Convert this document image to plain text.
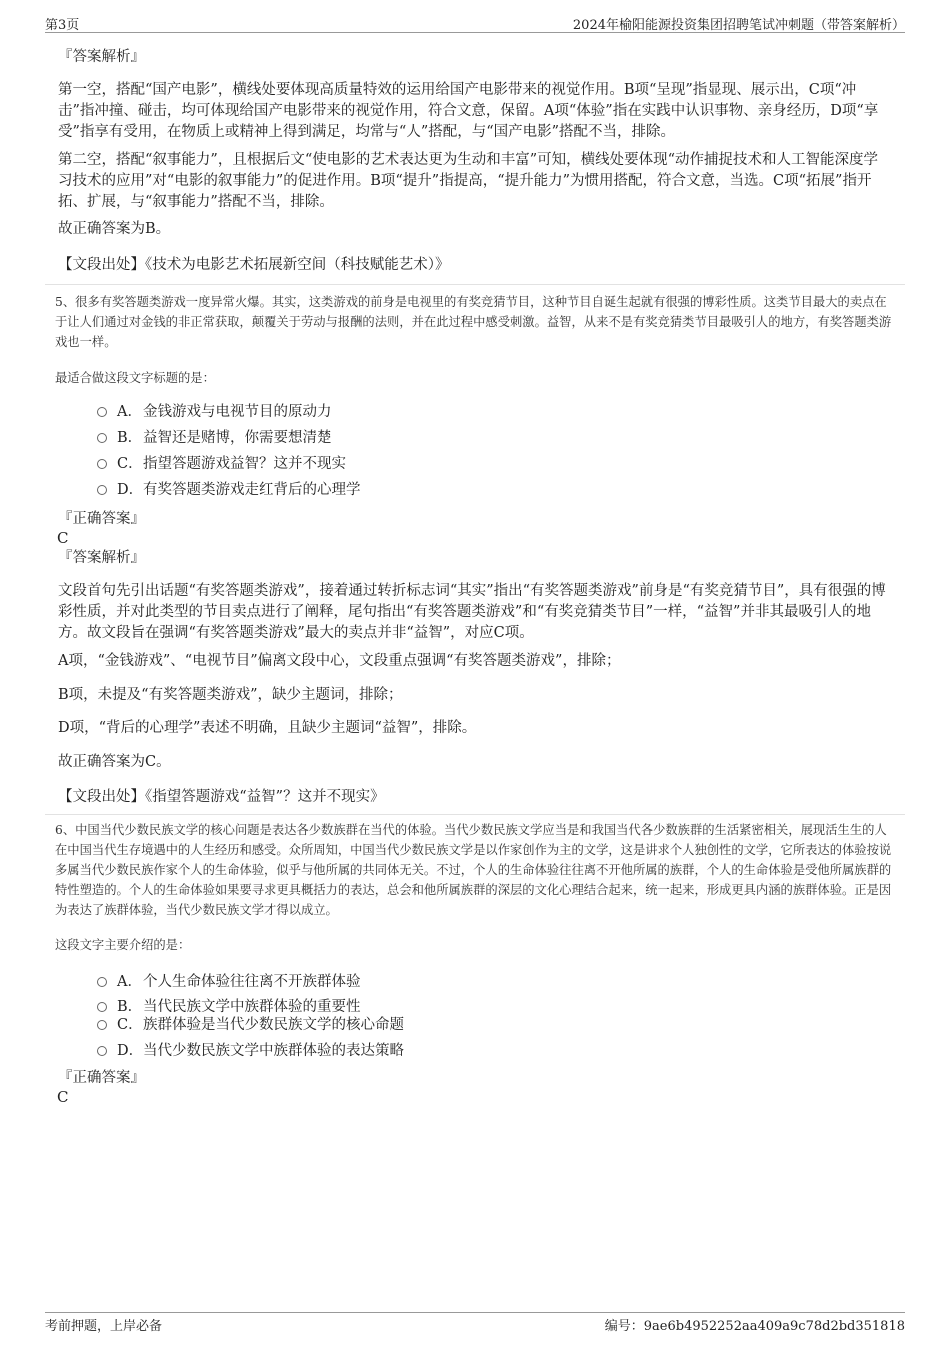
第3页	2024年榆阳能源投资集团招聘笔试冲刺题（带答案解析）
『答案解析』
第一空，搭配“国产电影”，横线处要体现高质量特效的运用给国产电影带来的视觉作用。B项“呈现”指显现、展示出，C项“冲击”指冲撞、碰击，均可体现给国产电影带来的视觉作用，符合文意，保留。A项“体验”指在实践中认识事物、亲身经历，D项“享受”指享有受用，在物质上或精神上得到满足，均常与“人”搭配，与“国产电影”搭配不当，排除。
第二空，搭配“叙事能力”，且根据后文“使电影的艺术表达更为生动和丰富”可知，横线处要体现“动作捕捉技术和人工智能深度学习技术的应用”对“电影的叙事能力”的促进作用。B项“提升”指提高，“提升能力”为惯用搭配，符合文意，当选。C项“拓展”指开拓、扩展，与“叙事能力”搭配不当，排除。
故正确答案为B。
【文段出处】《技术为电影艺术拓展新空间（科技赋能艺术）》
5、很多有奖答题类游戏一度异常火爆。其实，这类游戏的前身是电视里的有奖竞猜节目，这种节目自诞生起就有很强的博彩性质。这类节目最大的卖点在于让人们通过对金钱的非正常获取，颠覆关于劳动与报酬的法则，并在此过程中感受刺激。益智，从来不是有奖竞猜类节目最吸引人的地方，有奖答题类游戏也一样。
最适合做这段文字标题的是：
A．金钱游戏与电视节目的原动力
B．益智还是赌博，你需要想清楚
C．指望答题游戏益智？这并不现实
D．有奖答题类游戏走红背后的心理学
『正确答案』
C
『答案解析』
文段首句先引出话题“有奖答题类游戏”，接着通过转折标志词“其实”指出“有奖答题类游戏”前身是“有奖竞猜节目”，具有很强的博彩性质，并对此类型的节目卖点进行了阐释，尾句指出“有奖答题类游戏”和“有奖竞猜类节目”一样，“益智”并非其最吸引人的地方。故文段旨在强调“有奖答题类游戏”最大的卖点并非“益智”，对应C项。
A项，“金钱游戏”、“电视节目”偏离文段中心，文段重点强调“有奖答题类游戏”，排除；
B项，未提及“有奖答题类游戏”，缺少主题词，排除；
D项，“背后的心理学”表述不明确，且缺少主题词“益智”，排除。
故正确答案为C。
【文段出处】《指望答题游戏“益智”？这并不现实》
6、中国当代少数民族文学的核心问题是表达各少数族群在当代的体验。当代少数民族文学应当是和我国当代各少数族群的生活紧密相关，展现活生生的人在中国当代生存境遇中的人生经历和感受。众所周知，中国当代少数民族文学是以作家创作为主的文学，这是讲求个人独创性的文学，它所表达的体验按说多属当代少数民族作家个人的生命体验，似乎与他所属的共同体无关。不过，个人的生命体验往往离不开他所属的族群，个人的生命体验是受他所属族群的特性塑造的。个人的生命体验如果要寻求更具概括力的表达，总会和他所属族群的深层的文化心理结合起来，统一起来，形成更具内涵的族群体验。正是因为表达了族群体验，当代少数民族文学才得以成立。
这段文字主要介绍的是：
A．个人生命体验往往离不开族群体验
B．当代民族文学中族群体验的重要性
C．族群体验是当代少数民族文学的核心命题
D．当代少数民族文学中族群体验的表达策略
『正确答案』
C
考前押题，上岸必备	编号：9ae6b4952252aa409a9c78d2bd351818
